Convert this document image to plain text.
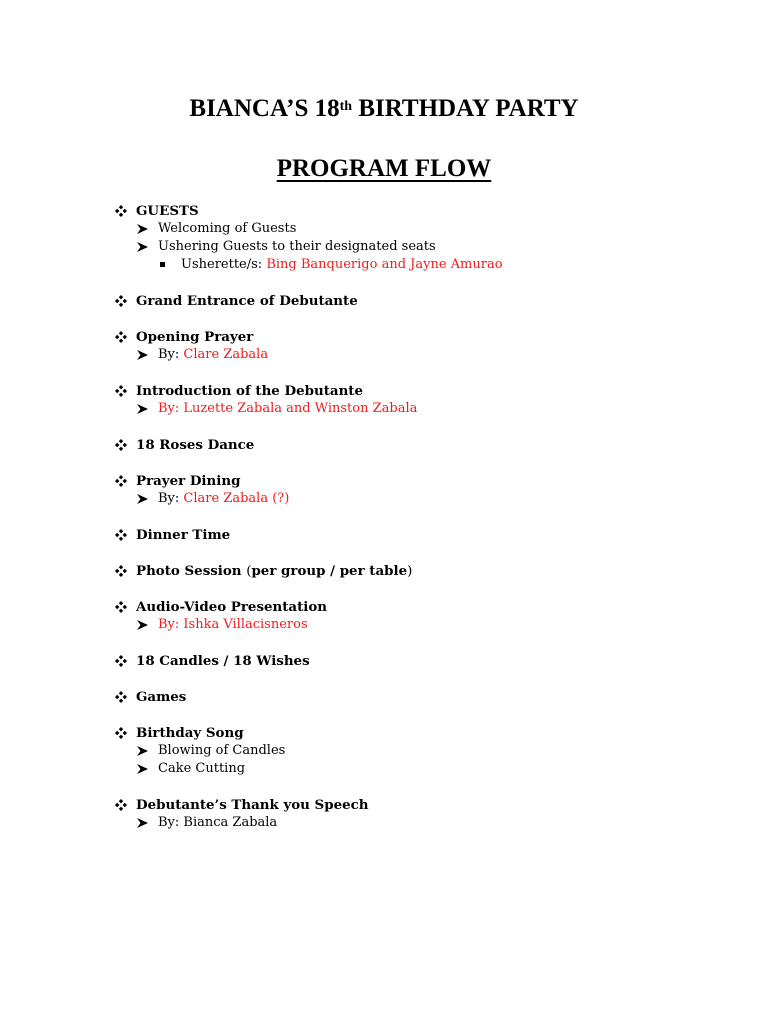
BIANCA’S 18th BIRTHDAY PARTY
PROGRAM FLOW
GUESTS
Welcoming of Guests
Ushering Guests to their designated seats
Usherette/s: Bing Banquerigo and Jayne Amurao
Grand Entrance of Debutante
Opening Prayer
By: Clare Zabala
Introduction of the Debutante
By: Luzette Zabala and Winston Zabala
18 Roses Dance
Prayer Dining
By: Clare Zabala (?)
Dinner Time
Photo Session (per group / per table)
Audio-Video Presentation
By: Ishka Villacisneros
18 Candles / 18 Wishes
Games
Birthday Song
Blowing of Candles
Cake Cutting
Debutante’s Thank you Speech
By: Bianca Zabala
